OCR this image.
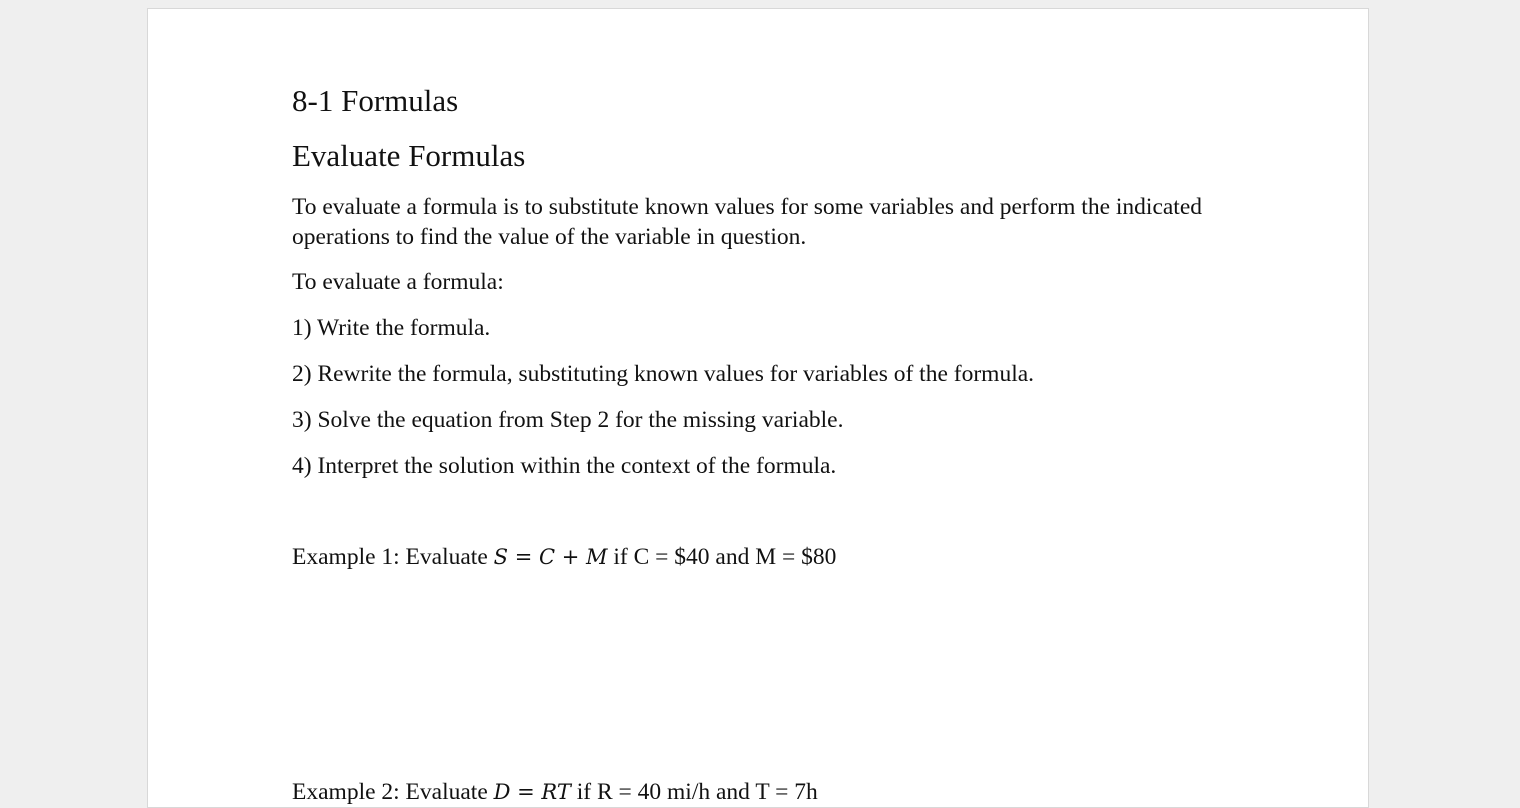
8-1 Formulas
Evaluate Formulas
To evaluate a formula is to substitute known values for some variables and perform the indicated operations to find the value of the variable in question.
To evaluate a formula:
1) Write the formula.
2) Rewrite the formula, substituting known values for variables of the formula.
3) Solve the equation from Step 2 for the missing variable.
4) Interpret the solution within the context of the formula.
Example 1: Evaluate S = C + M if C = $40 and M = $80
Example 2: Evaluate D = RT if R = 40 mi/h and T = 7h
